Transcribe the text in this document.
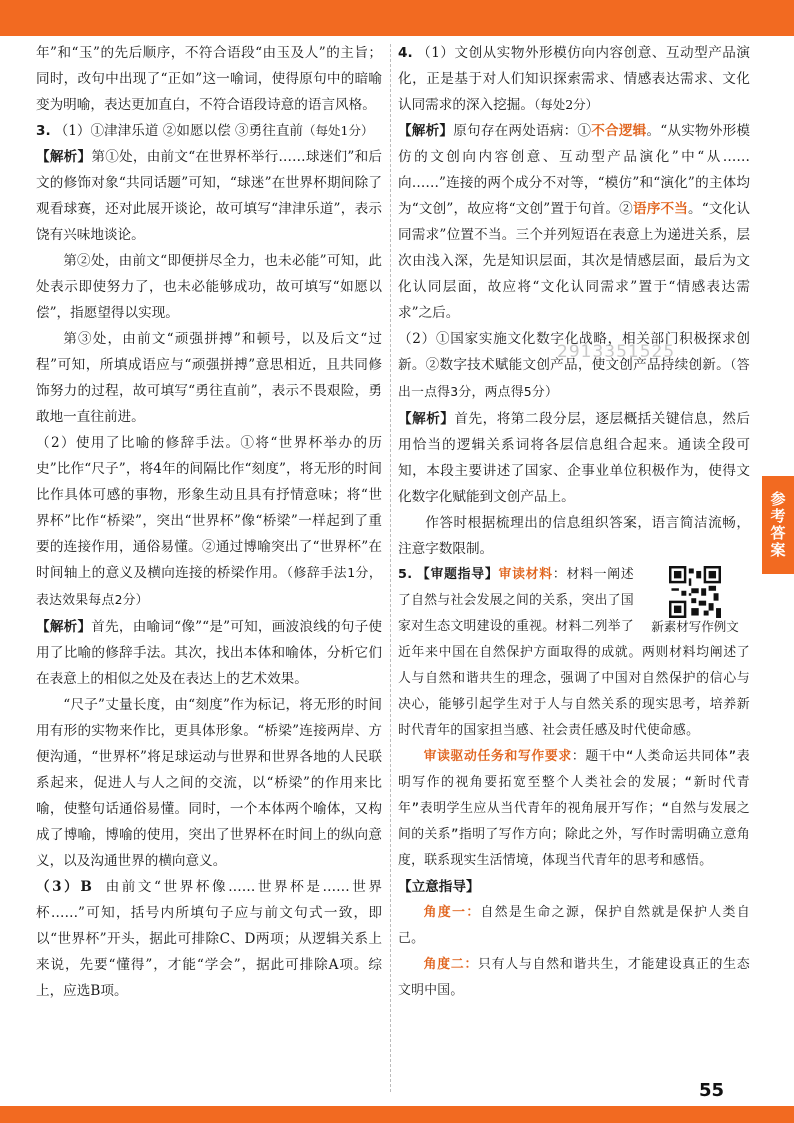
参
考
答
案
2913351525

年”和“玉”的先后顺序，不符合语段“由玉及人”的主旨；同时，改句中出现了“正如”这一喻词，使得原句中的暗喻变为明喻，表达更加直白，不符合语段诗意的语言风格。

3. （1）①津津乐道 ②如愿以偿 ③勇往直前（每处1分）

【解析】第①处，由前文“在世界杯举行……球迷们”和后文的修饰对象“共同话题”可知，“球迷”在世界杯期间除了观看球赛，还对此展开谈论，故可填写“津津乐道”，表示饶有兴味地谈论。

第②处，由前文“即便拼尽全力，也未必能”可知，此处表示即使努力了，也未必能够成功，故可填写“如愿以偿”，指愿望得以实现。

第③处，由前文“顽强拼搏”和顿号，以及后文“过程”可知，所填成语应与“顽强拼搏”意思相近，且共同修饰努力的过程，故可填写“勇往直前”，表示不畏艰险，勇敢地一直往前进。

（2）使用了比喻的修辞手法。①将“世界杯举办的历史”比作“尺子”，将4年的间隔比作“刻度”，将无形的时间比作具体可感的事物，形象生动且具有抒情意味；将“世界杯”比作“桥梁”，突出“世界杯”像“桥梁”一样起到了重要的连接作用，通俗易懂。②通过博喻突出了“世界杯”在时间轴上的意义及横向连接的桥梁作用。（修辞手法1分，表达效果每点2分）

【解析】首先，由喻词“像”“是”可知，画波浪线的句子使用了比喻的修辞手法。其次，找出本体和喻体，分析它们在表意上的相似之处及在表达上的艺术效果。

“尺子”丈量长度，由“刻度”作为标记，将无形的时间用有形的实物来作比，更具体形象。“桥梁”连接两岸、方便沟通，“世界杯”将足球运动与世界和世界各地的人民联系起来，促进人与人之间的交流，以“桥梁”的作用来比喻，使整句话通俗易懂。同时，一个本体两个喻体，又构成了博喻，博喻的使用，突出了世界杯在时间上的纵向意义，以及沟通世界的横向意义。

（3）B 由前文“世界杯像……世界杯是……世界杯……”可知，括号内所填句子应与前文句式一致，即以“世界杯”开头，据此可排除C、D两项；从逻辑关系上来说，先要“懂得”，才能“学会”，据此可排除A项。综上，应选B项。

4. （1）文创从实物外形模仿向内容创意、互动型产品演化，正是基于对人们知识探索需求、情感表达需求、文化认同需求的深入挖掘。（每处2分）

【解析】原句存在两处语病：①不合逻辑。“从实物外形模仿的文创向内容创意、互动型产品演化”中“从……向……”连接的两个成分不对等，“模仿”和“演化”的主体均为“文创”，故应将“文创”置于句首。②语序不当。“文化认同需求”位置不当。三个并列短语在表意上为递进关系，层次由浅入深，先是知识层面，其次是情感层面，最后为文化认同层面，故应将“文化认同需求”置于“情感表达需求”之后。

（2）①国家实施文化数字化战略，相关部门积极探求创新。②数字技术赋能文创产品，使文创产品持续创新。（答出一点得3分，两点得5分）

【解析】首先，将第二段分层，逐层概括关键信息，然后用恰当的逻辑关系词将各层信息组合起来。通读全段可知，本段主要讲述了国家、企事业单位积极作为，使得文化数字化赋能到文创产品上。

作答时根据梳理出的信息组织答案，语言简洁流畅，注意字数限制。

新素材写作例文

5. 【审题指导】审读材料：材料一阐述了自然与社会发展之间的关系，突出了国家对生态文明建设的重视。材料二列举了近年来中国在自然保护方面取得的成就。两则材料均阐述了人与自然和谐共生的理念，强调了中国对自然保护的信心与决心，能够引起学生对于人与自然关系的现实思考，培养新时代青年的国家担当感、社会责任感及时代使命感。

审读驱动任务和写作要求：题干中“人类命运共同体”表明写作的视角要拓宽至整个人类社会的发展；“新时代青年”表明学生应从当代青年的视角展开写作；“自然与发展之间的关系”指明了写作方向；除此之外，写作时需明确立意角度，联系现实生活情境，体现当代青年的思考和感悟。

【立意指导】

角度一：自然是生命之源，保护自然就是保护人类自己。

角度二：只有人与自然和谐共生，才能建设真正的生态文明中国。

55
